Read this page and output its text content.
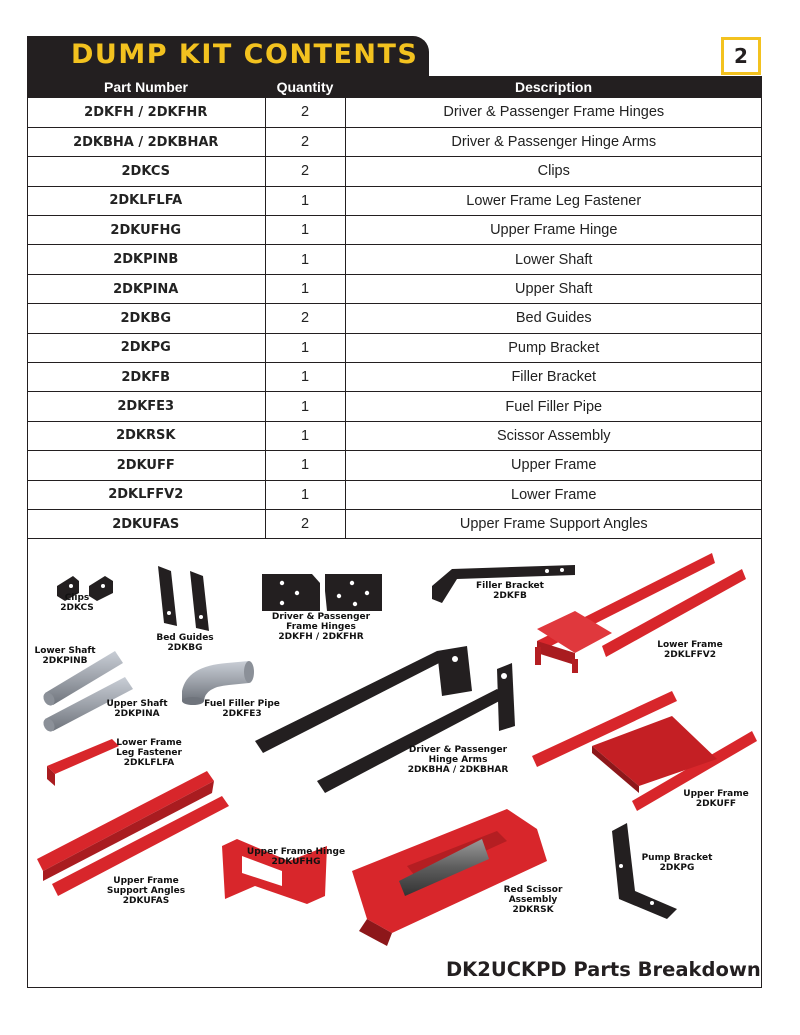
DUMP KIT CONTENTS	2
Part Number	Quantity	Description
2DKFH / 2DKFHR	2	Driver & Passenger Frame Hinges
2DKBHA / 2DKBHAR	2	Driver & Passenger Hinge Arms
2DKCS	2	Clips
2DKLFLFA	1	Lower Frame Leg Fastener
2DKUFHG	1	Upper Frame Hinge
2DKPINB	1	Lower Shaft
2DKPINA	1	Upper Shaft
2DKBG	2	Bed Guides
2DKPG	1	Pump Bracket
2DKFB	1	Filler Bracket
2DKFE3	1	Fuel Filler Pipe
2DKRSK	1	Scissor Assembly
2DKUFF	1	Upper Frame
2DKLFFV2	1	Lower Frame
2DKUFAS	2	Upper Frame Support Angles
Clips
2DKCS
Bed Guides
2DKBG
Driver & Passenger
Frame Hinges
2DKFH / 2DKFHR
Filler Bracket
2DKFB
Lower Frame
2DKLFFV2
Lower Shaft
2DKPINB
Upper Shaft
2DKPINA
Fuel Filler Pipe
2DKFE3
Lower Frame
Leg Fastener
2DKLFLFA
Driver & Passenger
Hinge Arms
2DKBHA / 2DKBHAR
Upper Frame
2DKUFF
Upper Frame Hinge
2DKUFHG	Pump Bracket
2DKPG
Upper Frame
Support Angles
2DKUFAS
Red Scissor Assembly
2DKRSK
DK2UCKPD Parts Breakdown
